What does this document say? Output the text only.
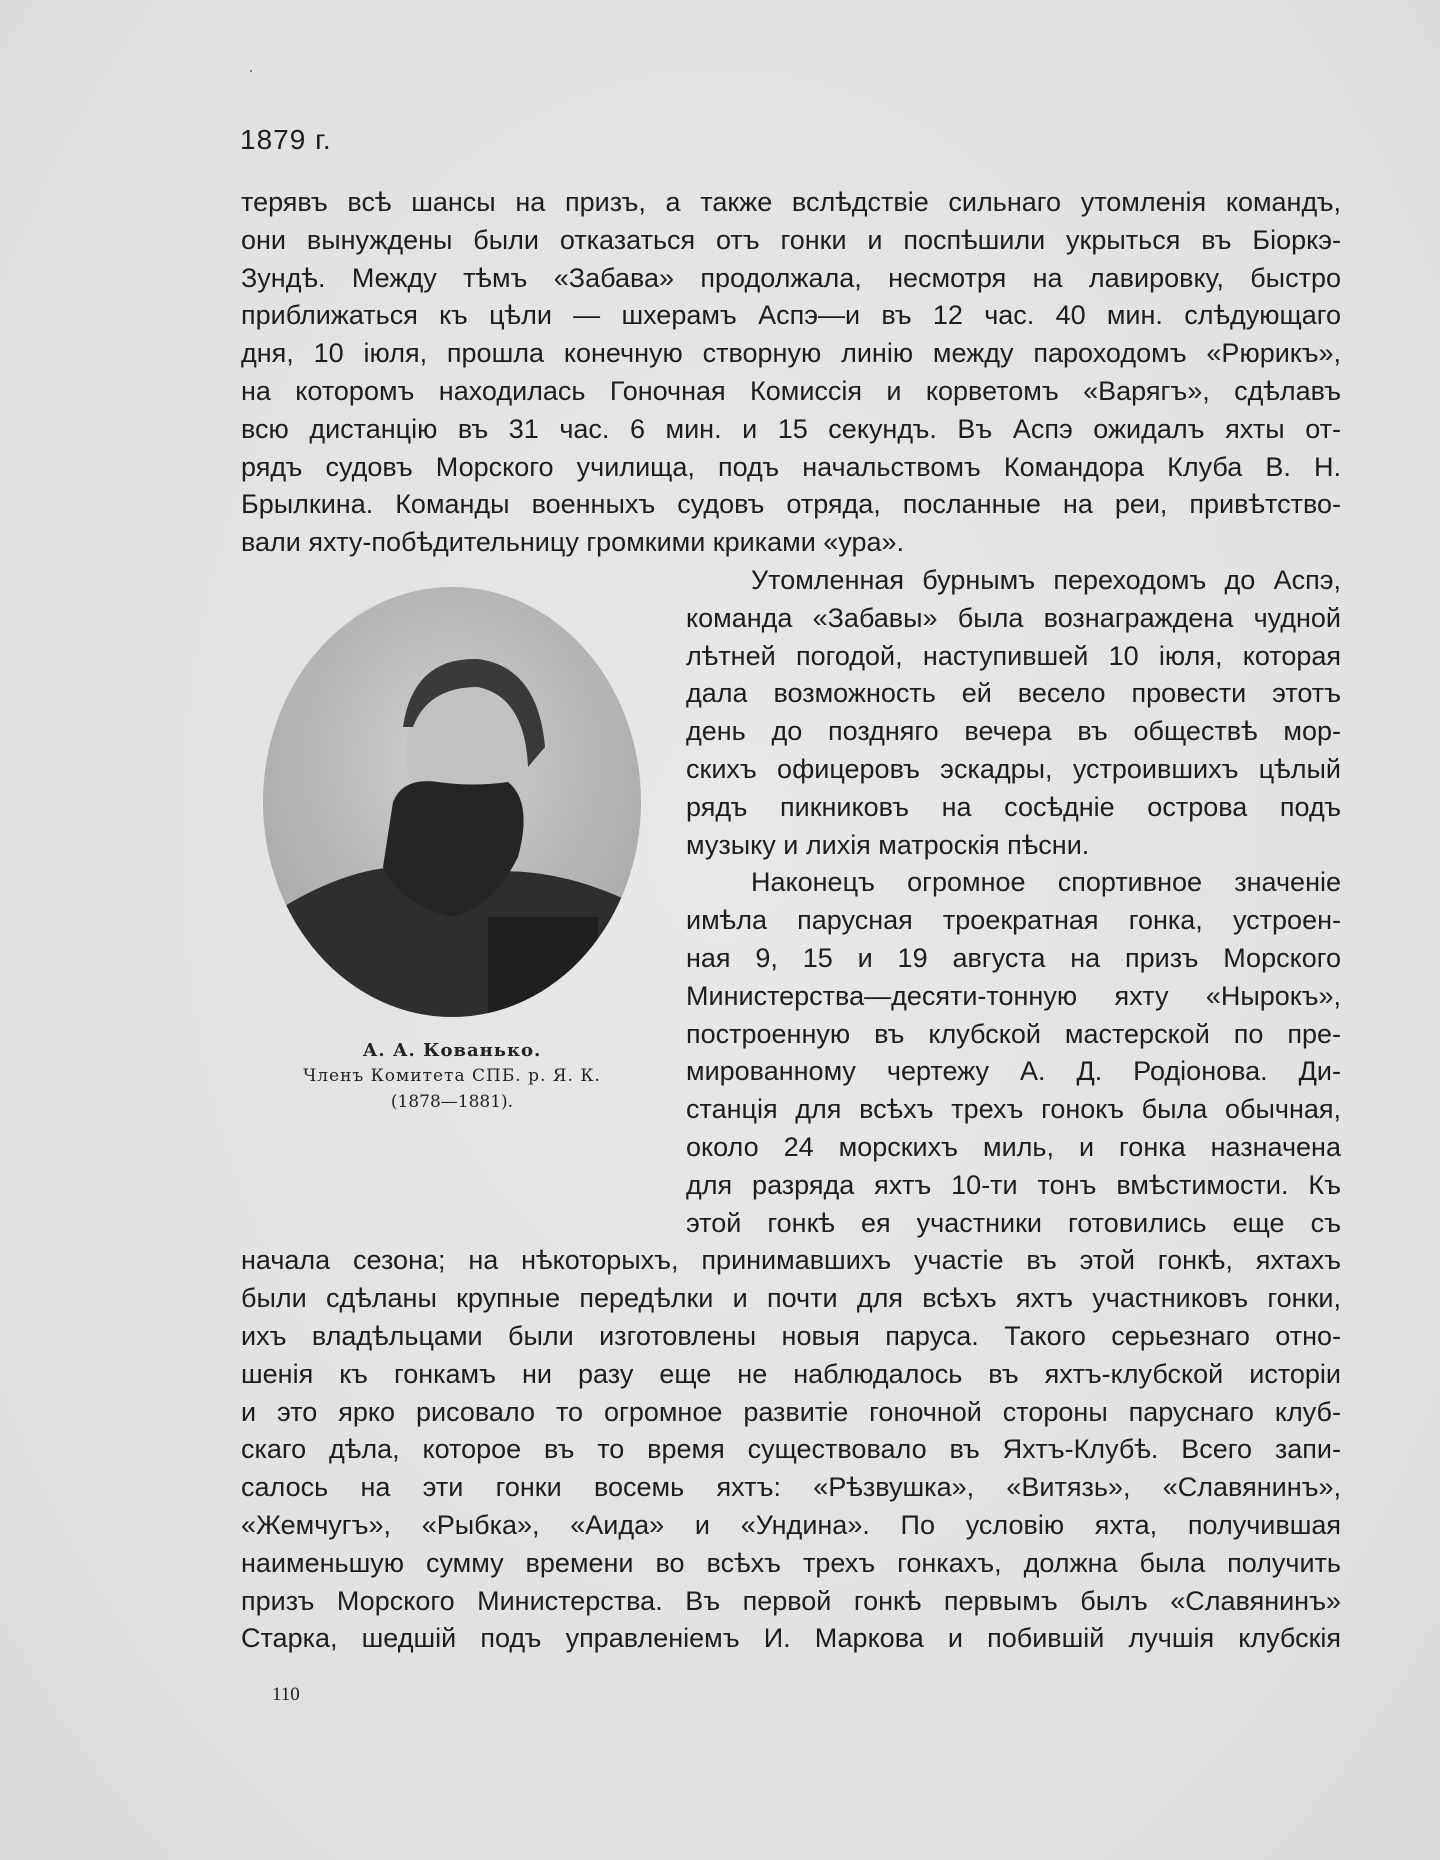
1879 г.
терявъ всѣ шансы на призъ, а также вслѣдствіе сильнаго утомленія командъ,
они вынуждены были отказаться отъ гонки и поспѣшили укрыться въ Біоркэ-
Зундѣ. Между тѣмъ «Забава» продолжала, несмотря на лавировку, быстро
приближаться къ цѣли — шхерамъ Аспэ—и въ 12 час. 40 мин. слѣдующаго
дня, 10 іюля, прошла конечную створную линію между пароходомъ «Рюрикъ»,
на которомъ находилась Гоночная Комиссія и корветомъ «Варягъ», сдѣлавъ
всю дистанцію въ 31 час. 6 мин. и 15 секундъ. Въ Аспэ ожидалъ яхты от-
рядъ судовъ Морского училища, подъ начальствомъ Командора Клуба В. Н.
Брылкина. Команды военныхъ судовъ отряда, посланные на реи, привѣтство-
вали яхту-побѣдительницу громкими криками «ура».
Утомленная бурнымъ переходомъ до Аспэ,
команда «Забавы» была вознаграждена чудной
лѣтней погодой, наступившей 10 іюля, которая
дала возможность ей весело провести этотъ
день до поздняго вечера въ обществѣ мор-
скихъ офицеровъ эскадры, устроившихъ цѣлый
рядъ пикниковъ на сосѣдніе острова подъ
музыку и лихія матроскія пѣсни.
Наконецъ огромное спортивное значеніе
имѣла парусная троекратная гонка, устроен-
ная 9, 15 и 19 августа на призъ Морского
Министерства—десяти-тонную яхту «Нырокъ»,
построенную въ клубской мастерской по пре-
мированному чертежу А. Д. Родіонова. Ди-
станція для всѣхъ трехъ гонокъ была обычная,
около 24 морскихъ миль, и гонка назначена
для разряда яхтъ 10-ти тонъ вмѣстимости. Къ
этой гонкѣ ея участники готовились еще съ
начала сезона; на нѣкоторыхъ, принимавшихъ участіе въ этой гонкѣ, яхтахъ
были сдѣланы крупные передѣлки и почти для всѣхъ яхтъ участниковъ гонки,
ихъ владѣльцами были изготовлены новыя паруса. Такого серьезнаго отно-
шенія къ гонкамъ ни разу еще не наблюдалось въ яхтъ-клубской исторіи
и это ярко рисовало то огромное развитіе гоночной стороны паруснаго клуб-
скаго дѣла, которое въ то время существовало въ Яхтъ-Клубѣ. Всего запи-
салось на эти гонки восемь яхтъ: «Рѣзвушка», «Витязь», «Славянинъ»,
«Жемчугъ», «Рыбка», «Аида» и «Ундина». По условію яхта, получившая
наименьшую сумму времени во всѣхъ трехъ гонкахъ, должна была получить
призъ Морского Министерства. Въ первой гонкѣ первымъ былъ «Славянинъ»
Старка, шедшій подъ управленіемъ И. Маркова и побившій лучшія клубскія
А. А. Кованько.
Членъ Комитета СПБ. р. Я. К.
(1878—1881).
110
